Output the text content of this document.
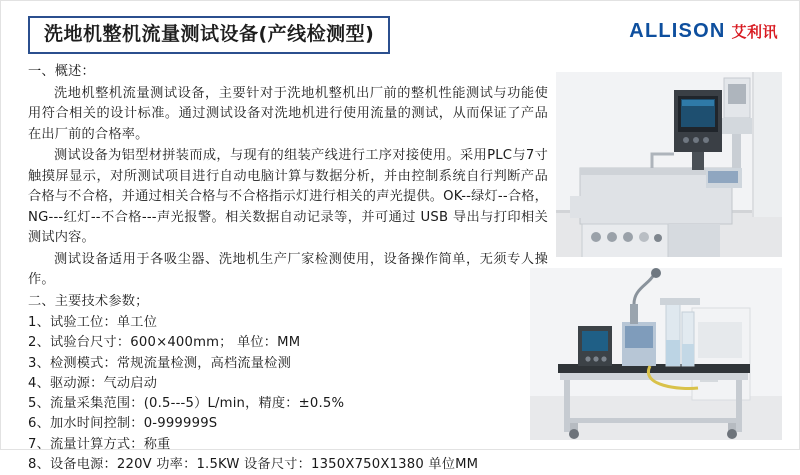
洗地机整机流量测试设备(产线检测型)	ALLISON 艾利讯

一、概述：

洗地机整机流量测试设备，主要针对于洗地机整机出厂前的整机性能测试与功能使用符合相关的设计标准。通过测试设备对洗地机进行使用流量的测试，从而保证了产品在出厂前的合格率。

测试设备为铝型材拼装而成，与现有的组装产线进行工序对接使用。采用PLC与7寸触摸屏显示，对所测试项目进行自动电脑计算与数据分析，并由控制系统自行判断产品合格与不合格，并通过相关合格与不合格指示灯进行相关的声光提供。OK--绿灯--合格，NG---红灯--不合格---声光报警。相关数据自动记录等，并可通过 USB 导出与打印相关测试内容。

测试设备适用于各吸尘器、洗地机生产厂家检测使用，设备操作简单，无须专人操作。

二、主要技术参数；

1、试验工位：单工位

2、试验台尺寸：600×400mm； 单位：MM

3、检测模式：常规流量检测，高档流量检测

4、驱动源：气动启动

5、流量采集范围：(0.5---5）L/min，精度：±0.5%

6、加水时间控制：0-999999S

7、流量计算方式：称重

8、设备电源：220V 功率：1.5KW 设备尺寸：1350X750X1380 单位MM
